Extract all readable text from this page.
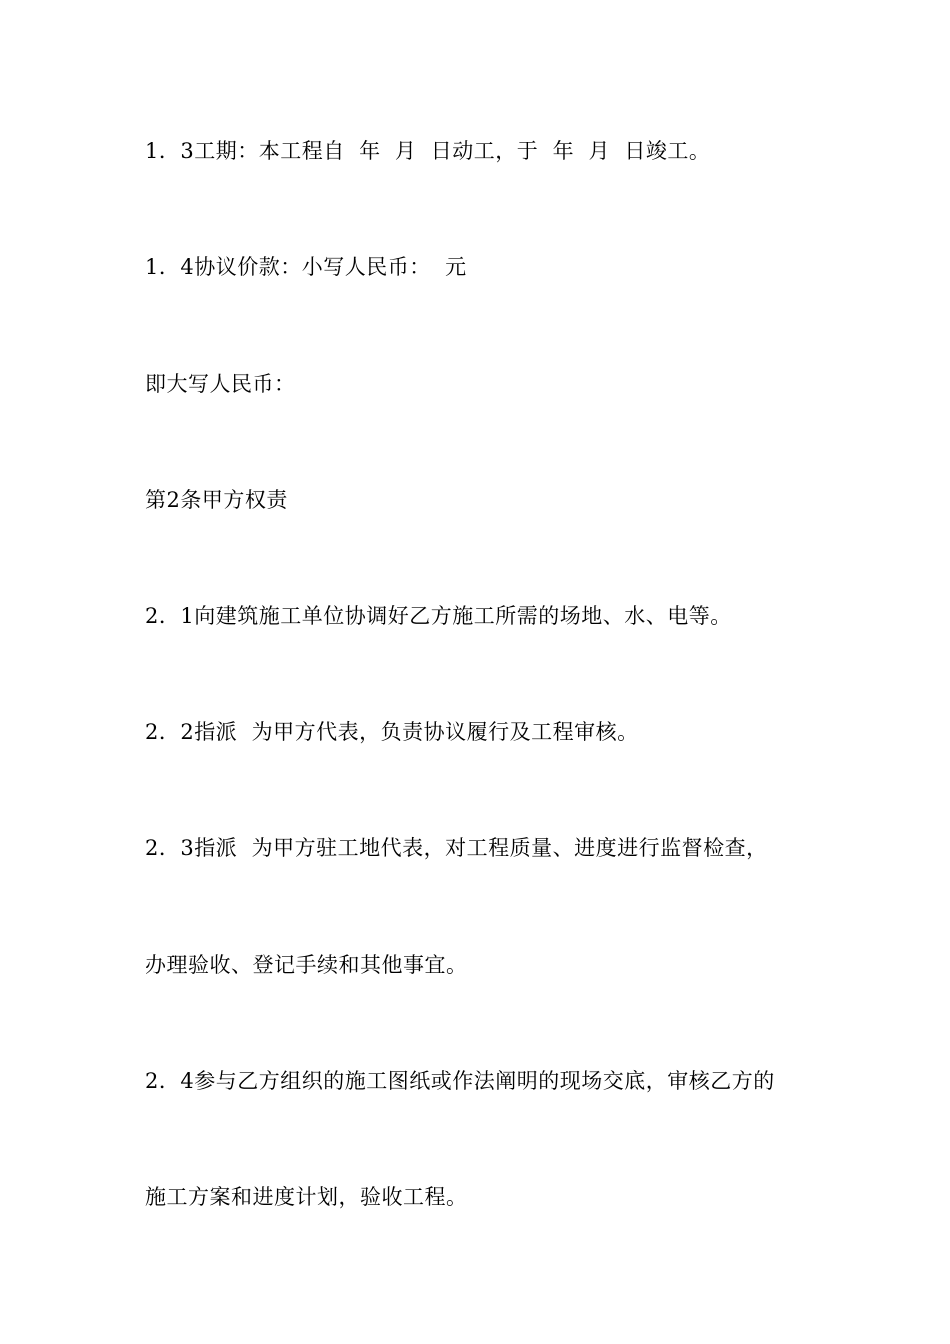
1．3工期：本工程自  年  月  日动工，于  年  月  日竣工。
1．4协议价款：小写人民币：  元
即大写人民币：
第2条甲方权责
2．1向建筑施工单位协调好乙方施工所需的场地、水、电等。
2．2指派  为甲方代表，负责协议履行及工程审核。
2．3指派  为甲方驻工地代表，对工程质量、进度进行监督检查，
办理验收、登记手续和其他事宜。
2．4参与乙方组织的施工图纸或作法阐明的现场交底，审核乙方的
施工方案和进度计划，验收工程。
